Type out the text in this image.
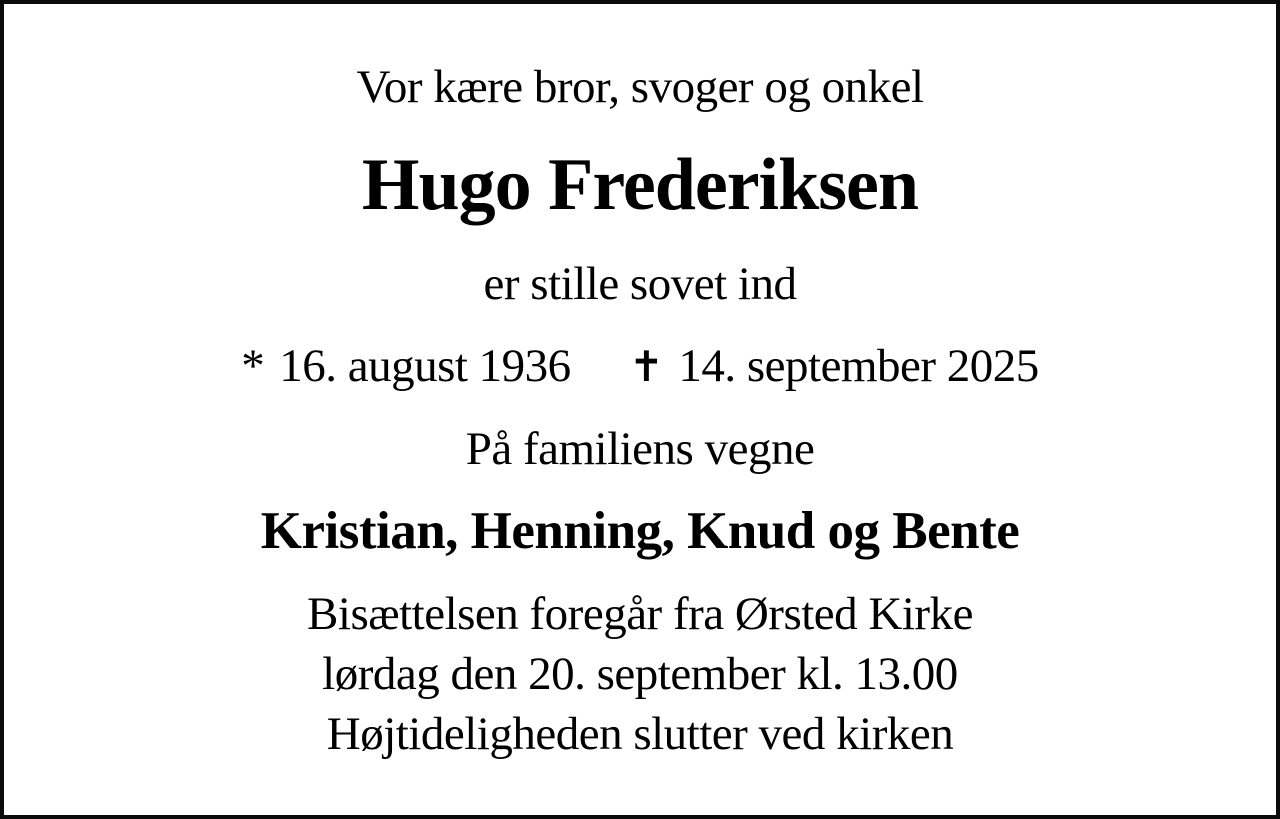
Vor kære bror, svoger og onkel
Hugo Frederiksen
er stille sovet ind
* 16. august 1936 ✝ 14. september 2025
På familiens vegne
Kristian, Henning, Knud og Bente
Bisættelsen foregår fra Ørsted Kirke
lørdag den 20. september kl. 13.00
Højtideligheden slutter ved kirken
